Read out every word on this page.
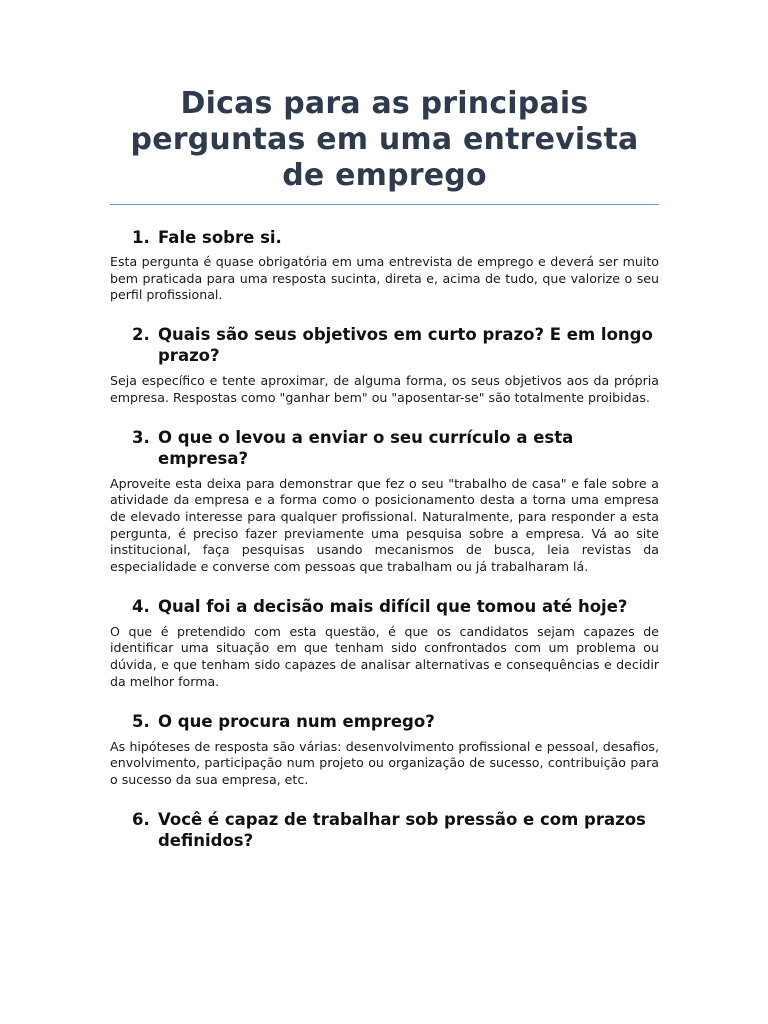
Dicas para as principais perguntas em uma entrevista de emprego
1. Fale sobre si.

Esta pergunta é quase obrigatória em uma entrevista de emprego e deverá ser muito bem praticada para uma resposta sucinta, direta e, acima de tudo, que valorize o seu perfil profissional.

2. Quais são seus objetivos em curto prazo? E em longo prazo?

Seja específico e tente aproximar, de alguma forma, os seus objetivos aos da própria empresa. Respostas como "ganhar bem" ou "aposentar-se" são totalmente proibidas.

3. O que o levou a enviar o seu currículo a esta empresa?

Aproveite esta deixa para demonstrar que fez o seu "trabalho de casa" e fale sobre a atividade da empresa e a forma como o posicionamento desta a torna uma empresa de elevado interesse para qualquer profissional. Naturalmente, para responder a esta pergunta, é preciso fazer previamente uma pesquisa sobre a empresa. Vá ao site institucional, faça pesquisas usando mecanismos de busca, leia revistas da especialidade e converse com pessoas que trabalham ou já trabalharam lá.

4. Qual foi a decisão mais difícil que tomou até hoje?

O que é pretendido com esta questão, é que os candidatos sejam capazes de identificar uma situação em que tenham sido confrontados com um problema ou dúvida, e que tenham sido capazes de analisar alternativas e consequências e decidir da melhor forma.

5. O que procura num emprego?

As hipóteses de resposta são várias: desenvolvimento profissional e pessoal, desafios, envolvimento, participação num projeto ou organização de sucesso, contribuição para o sucesso da sua empresa, etc.

6. Você é capaz de trabalhar sob pressão e com prazos definidos?
